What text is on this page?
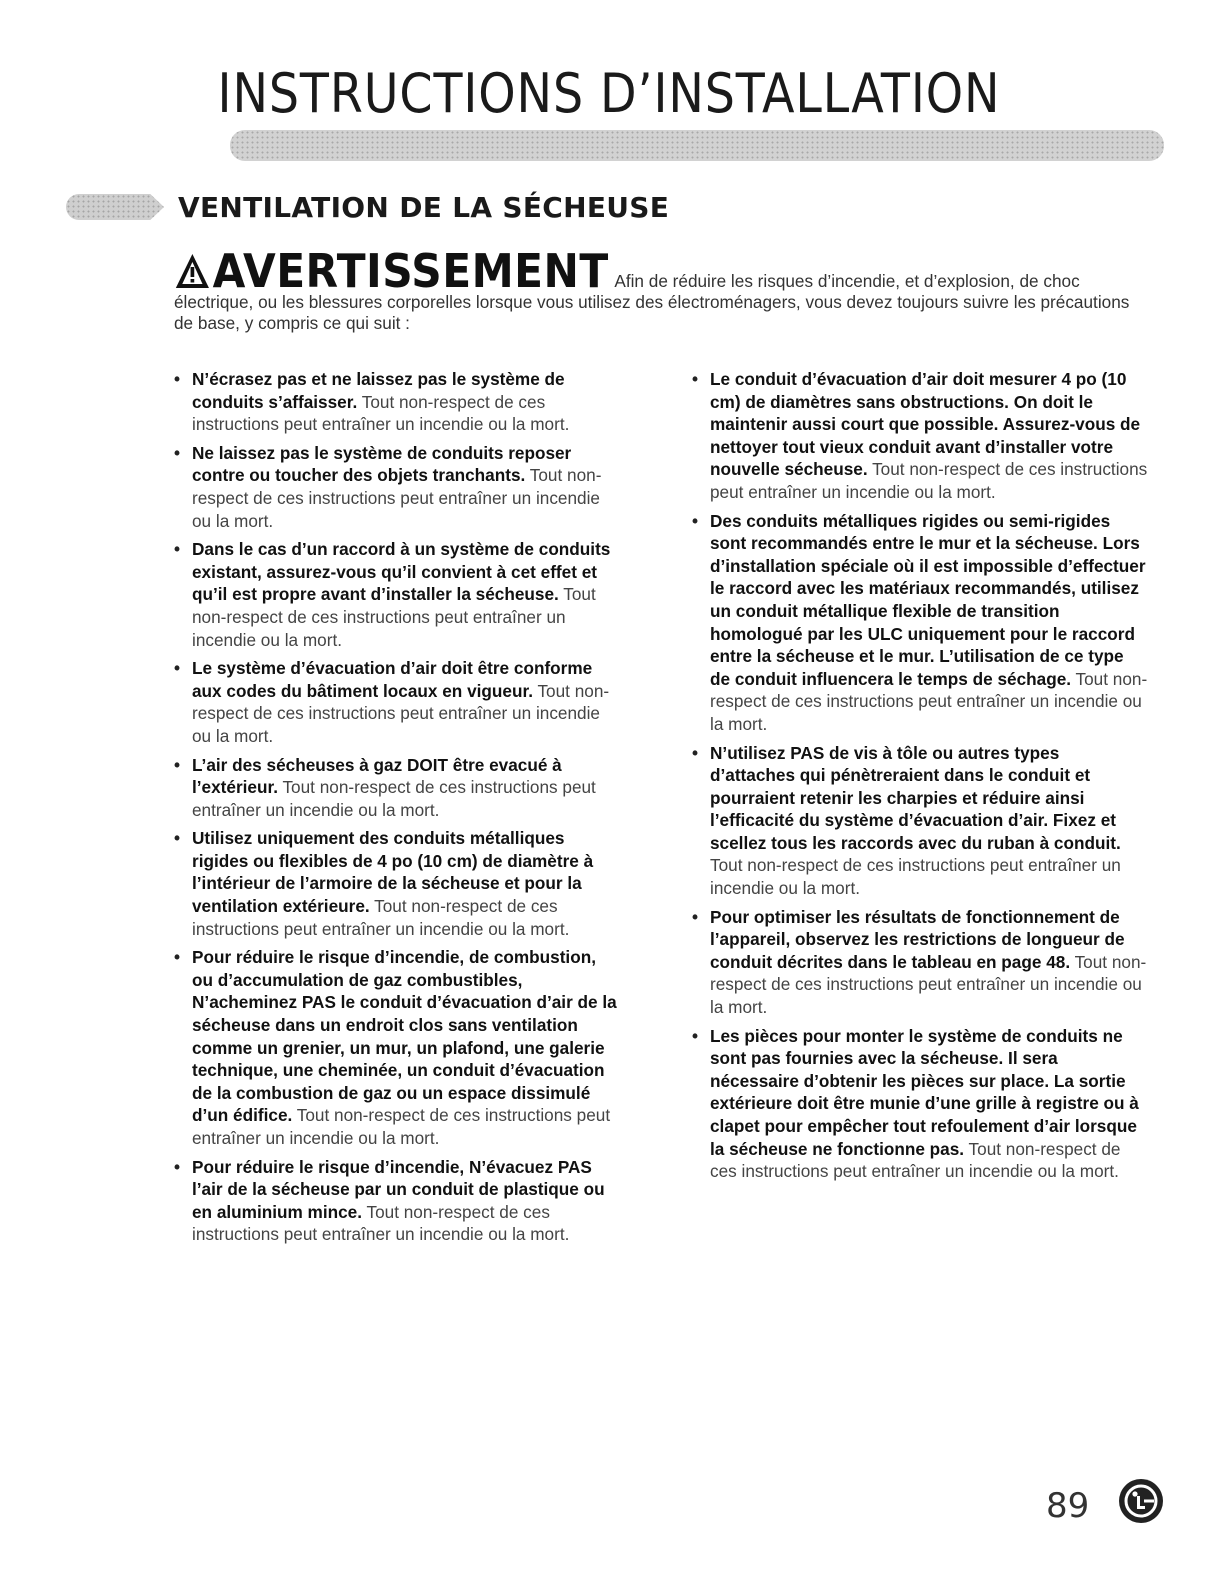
INSTRUCTIONS D’INSTALLATION
VENTILATION DE LA SÉCHEUSE
AVERTISSEMENT Afin de réduire les risques d’incendie, et d’explosion, de choc électrique, ou les blessures corporelles lorsque vous utilisez des électroménagers, vous devez toujours suivre les précautions de base, y compris ce qui suit :
• N’écrasez pas et ne laissez pas le système de conduits s’affaisser. Tout non-respect de ces instructions peut entraîner un incendie ou la mort.
• Ne laissez pas le système de conduits reposer contre ou toucher des objets tranchants. Tout non-respect de ces instructions peut entraîner un incendie ou la mort.
• Dans le cas d’un raccord à un système de conduits existant, assurez-vous qu’il convient à cet effet et qu’il est propre avant d’installer la sécheuse. Tout non-respect de ces instructions peut entraîner un incendie ou la mort.
• Le système d’évacuation d’air doit être conforme aux codes du bâtiment locaux en vigueur. Tout non-respect de ces instructions peut entraîner un incendie ou la mort.
• L’air des sécheuses à gaz DOIT être evacué à l’extérieur. Tout non-respect de ces instructions peut entraîner un incendie ou la mort.
• Utilisez uniquement des conduits métalliques rigides ou flexibles de 4 po (10 cm) de diamètre à l’intérieur de l’armoire de la sécheuse et pour la ventilation extérieure. Tout non-respect de ces instructions peut entraîner un incendie ou la mort.
• Pour réduire le risque d’incendie, de combustion, ou d’accumulation de gaz combustibles, N’acheminez PAS le conduit d’évacuation d’air de la sécheuse dans un endroit clos sans ventilation comme un grenier, un mur, un plafond, une galerie technique, une cheminée, un conduit d’évacuation de la combustion de gaz ou un espace dissimulé d’un édifice. Tout non-respect de ces instructions peut entraîner un incendie ou la mort.
• Pour réduire le risque d’incendie, N’évacuez PAS l’air de la sécheuse par un conduit de plastique ou en aluminium mince. Tout non-respect de ces instructions peut entraîner un incendie ou la mort.
• Le conduit d’évacuation d’air doit mesurer 4 po (10 cm) de diamètres sans obstructions. On doit le maintenir aussi court que possible. Assurez-vous de nettoyer tout vieux conduit avant d’installer votre nouvelle sécheuse. Tout non-respect de ces instructions peut entraîner un incendie ou la mort.
• Des conduits métalliques rigides ou semi-rigides sont recommandés entre le mur et la sécheuse. Lors d’installation spéciale où il est impossible d’effectuer le raccord avec les matériaux recommandés, utilisez un conduit métallique flexible de transition homologué par les ULC uniquement pour le raccord entre la sécheuse et le mur. L’utilisation de ce type de conduit influencera le temps de séchage. Tout non-respect de ces instructions peut entraîner un incendie ou la mort.
• N’utilisez PAS de vis à tôle ou autres types d’attaches qui pénètreraient dans le conduit et pourraient retenir les charpies et réduire ainsi l’efficacité du système d’évacuation d’air. Fixez et scellez tous les raccords avec du ruban à conduit. Tout non-respect de ces instructions peut entraîner un incendie ou la mort.
• Pour optimiser les résultats de fonctionnement de l’appareil, observez les restrictions de longueur de conduit décrites dans le tableau en page 48. Tout non-respect de ces instructions peut entraîner un incendie ou la mort.
• Les pièces pour monter le système de conduits ne sont pas fournies avec la sécheuse. Il sera nécessaire d’obtenir les pièces sur place. La sortie extérieure doit être munie d’une grille à registre ou à clapet pour empêcher tout refoulement d’air lorsque la sécheuse ne fonctionne pas. Tout non-respect de ces instructions peut entraîner un incendie ou la mort.
89
